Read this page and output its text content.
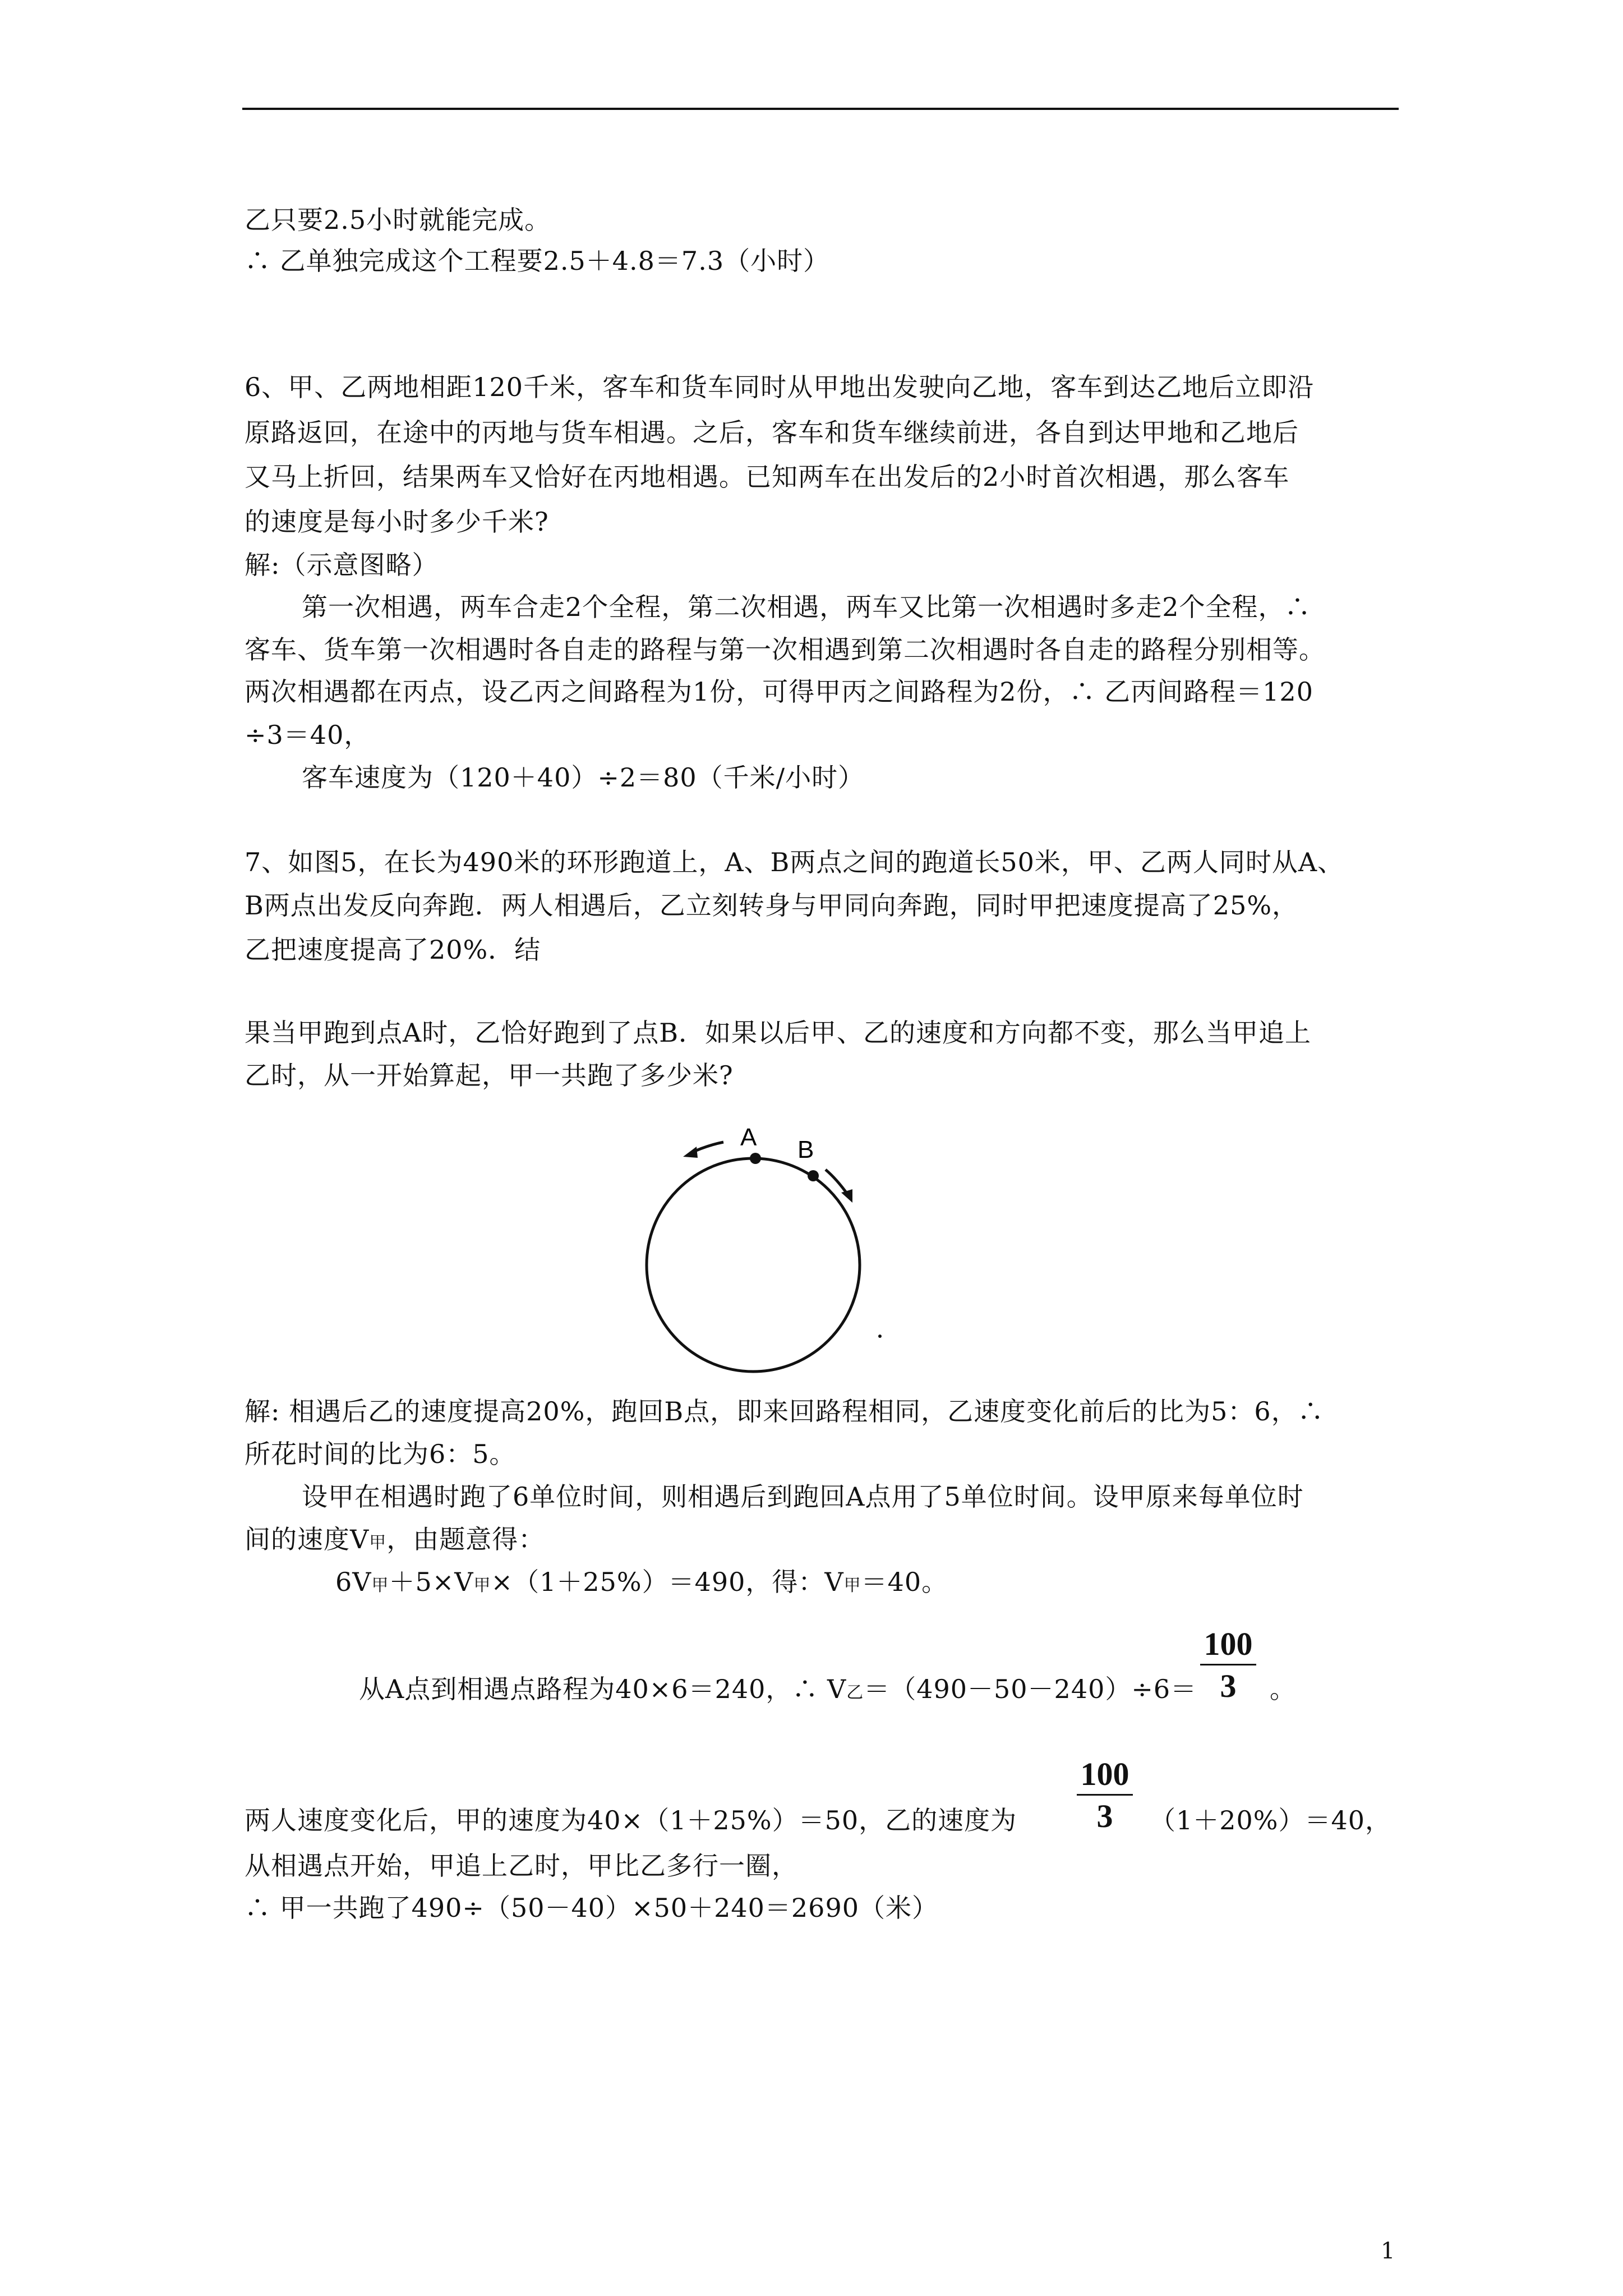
乙只要2.5小时就能完成。
∴ 乙单独完成这个工程要2.5＋4.8＝7.3（小时）
6、甲、乙两地相距120千米，客车和货车同时从甲地出发驶向乙地，客车到达乙地后立即沿
原路返回，在途中的丙地与货车相遇。之后，客车和货车继续前进，各自到达甲地和乙地后
又马上折回，结果两车又恰好在丙地相遇。已知两车在出发后的2小时首次相遇，那么客车
的速度是每小时多少千米?
解:（示意图略）
第一次相遇，两车合走2个全程，第二次相遇，两车又比第一次相遇时多走2个全程，∴
客车、货车第一次相遇时各自走的路程与第一次相遇到第二次相遇时各自走的路程分别相等。
两次相遇都在丙点，设乙丙之间路程为1份，可得甲丙之间路程为2份，∴ 乙丙间路程＝120
÷3＝40，
客车速度为（120＋40）÷2＝80（千米/小时）
7、如图5，在长为490米的环形跑道上，A、B两点之间的跑道长50米，甲、乙两人同时从A、
B两点出发反向奔跑．两人相遇后，乙立刻转身与甲同向奔跑，同时甲把速度提高了25%，
乙把速度提高了20%．结
果当甲跑到点A时，乙恰好跑到了点B．如果以后甲、乙的速度和方向都不变，那么当甲追上
乙时，从一开始算起，甲一共跑了多少米?
A B
解: 相遇后乙的速度提高20%，跑回B点，即来回路程相同，乙速度变化前后的比为5：6，∴
所花时间的比为6：5。
设甲在相遇时跑了6单位时间，则相遇后到跑回A点用了5单位时间。设甲原来每单位时
间的速度V甲，由题意得：
6V甲＋5×V甲×（1＋25%）＝490，得：V甲＝40。
从A点到相遇点路程为40×6＝240，∴ V乙＝（490－50－240）÷6＝
100
3	。
两人速度变化后，甲的速度为40×（1＋25%）＝50，乙的速度为
100
3	（1＋20%）＝40，
从相遇点开始，甲追上乙时，甲比乙多行一圈，
∴ 甲一共跑了490÷（50－40）×50＋240＝2690（米）
1
